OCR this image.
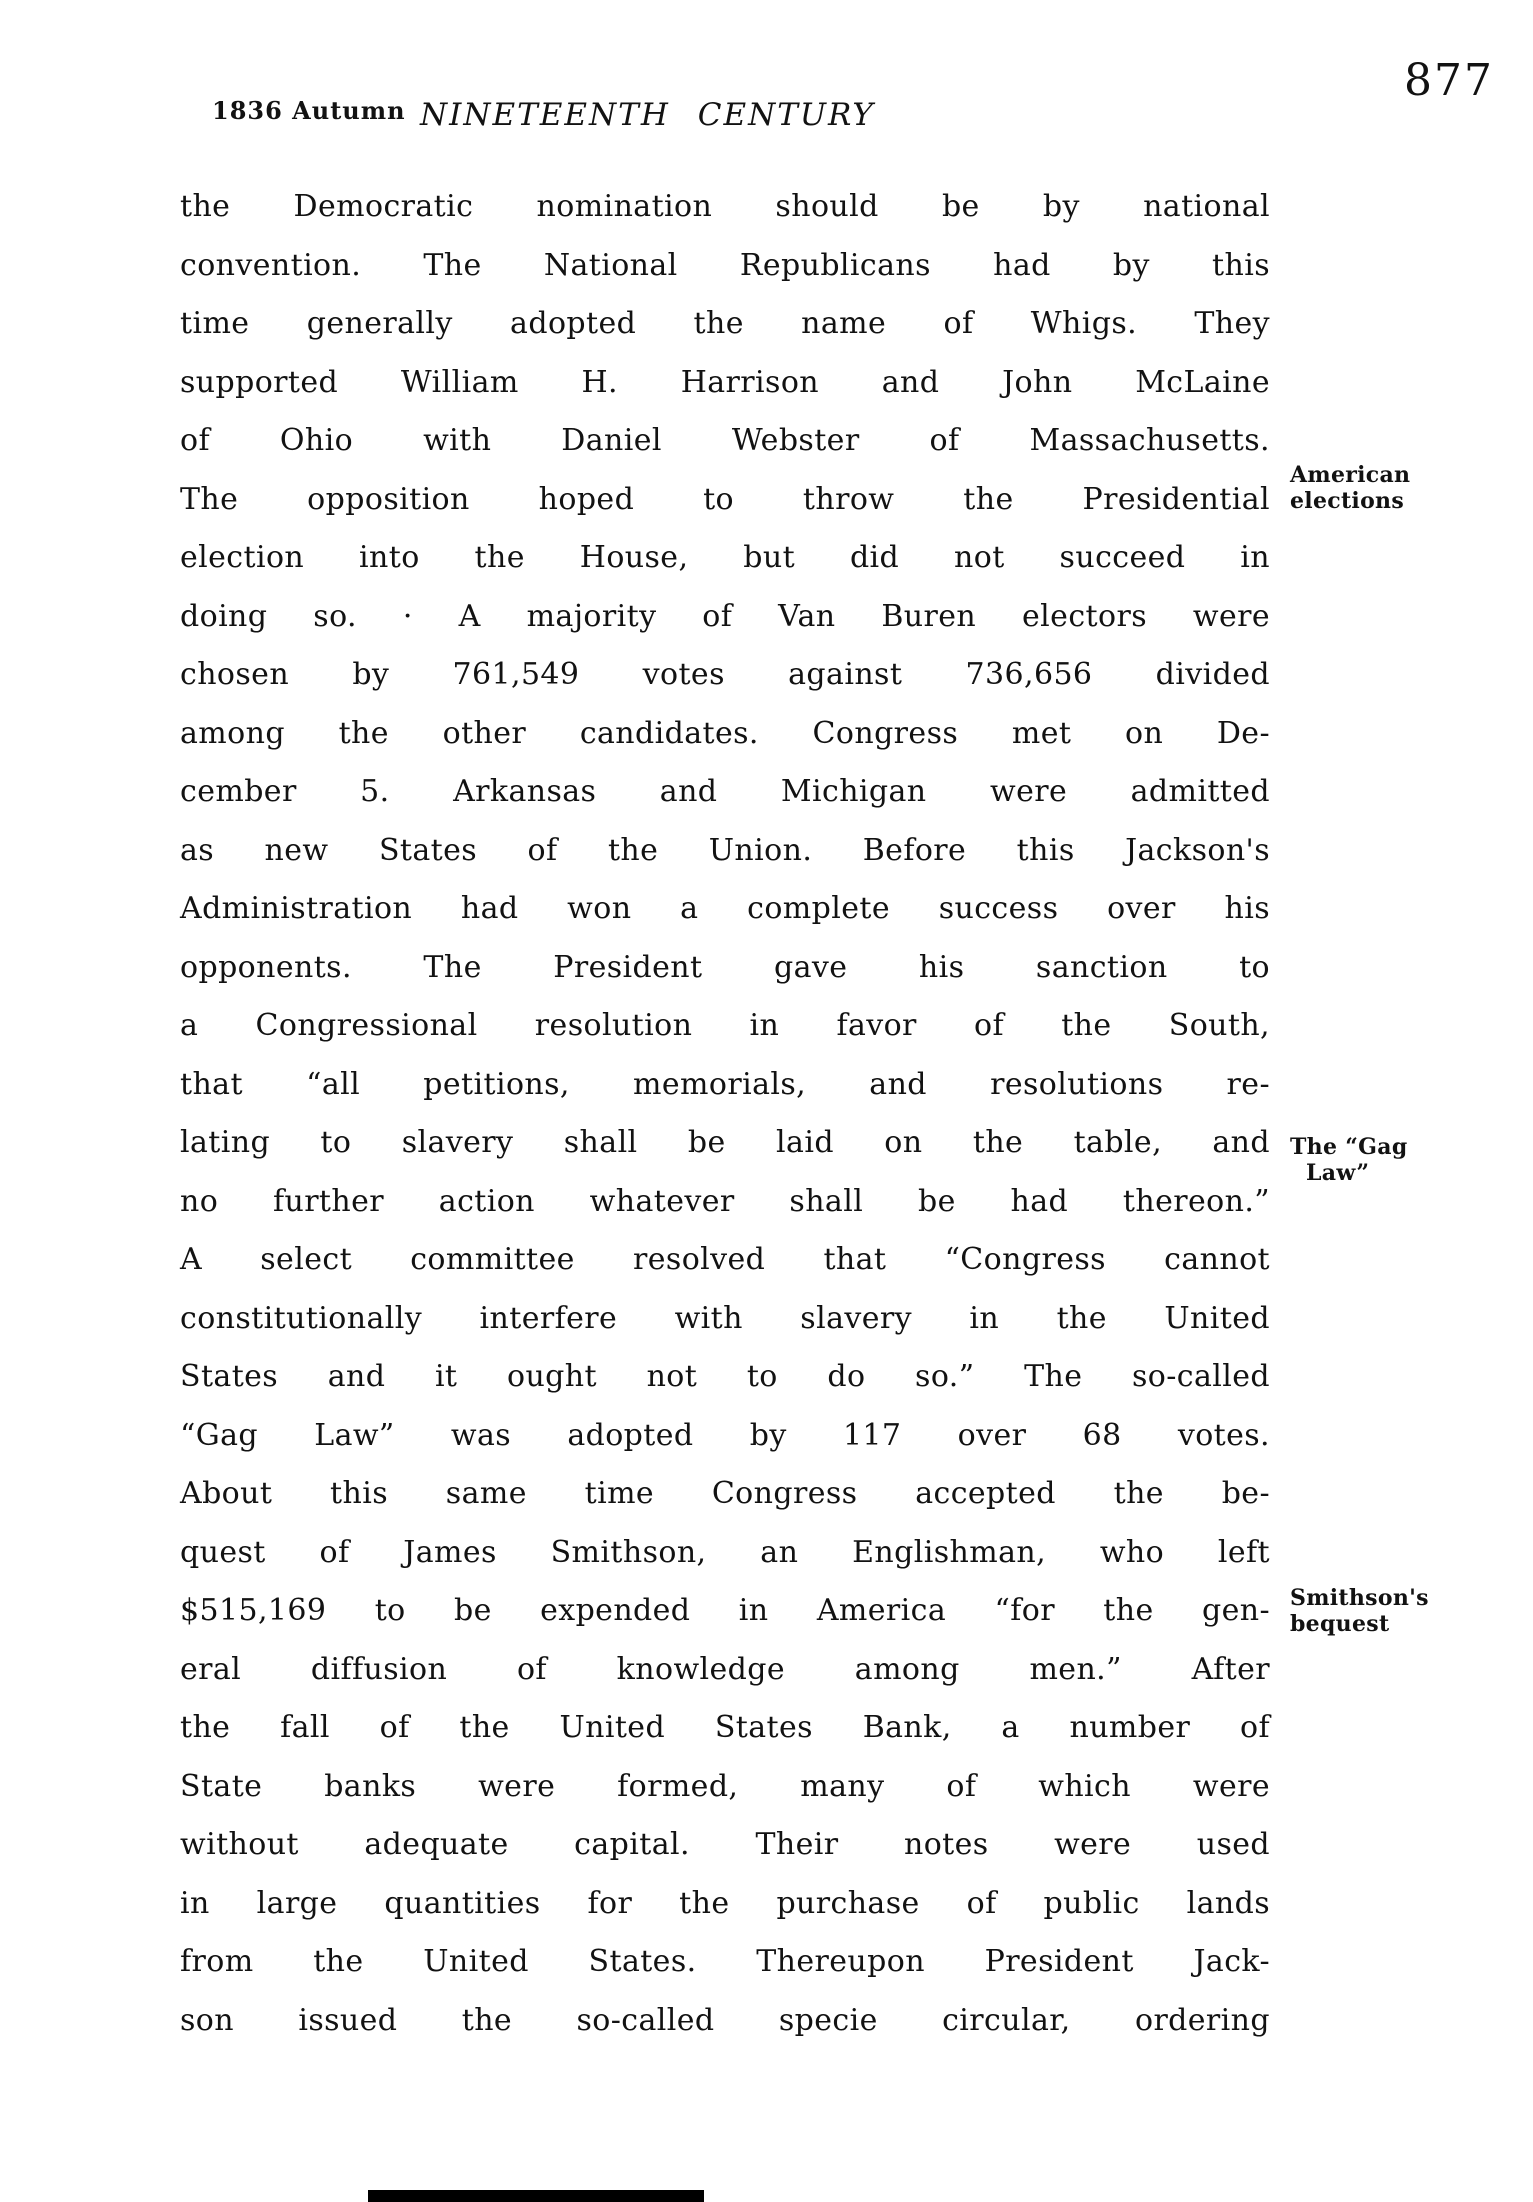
1836 Autumn NINETEENTH CENTURY
877
the Democratic nomination should be by national
convention. The National Republicans had by this
time generally adopted the name of Whigs. They
supported William H. Harrison and John McLaine
of Ohio with Daniel Webster of Massachusetts.
The opposition hoped to throw the Presidential
election into the House, but did not succeed in
doing so. · A majority of Van Buren electors were
chosen by 761,549 votes against 736,656 divided
among the other candidates. Congress met on De-
cember 5. Arkansas and Michigan were admitted
as new States of the Union. Before this Jackson's
Administration had won a complete success over his
opponents. The President gave his sanction to
a Congressional resolution in favor of the South,
that “all petitions, memorials, and resolutions re-
lating to slavery shall be laid on the table, and
no further action whatever shall be had thereon.”
A select committee resolved that “Congress cannot
constitutionally interfere with slavery in the United
States and it ought not to do so.” The so-called
“Gag Law” was adopted by 117 over 68 votes.
About this same time Congress accepted the be-
quest of James Smithson, an Englishman, who left
$515,169 to be expended in America “for the gen-
eral diffusion of knowledge among men.” After
the fall of the United States Bank, a number of
State banks were formed, many of which were
without adequate capital. Their notes were used
in large quantities for the purchase of public lands
from the United States. Thereupon President Jack-
son issued the so-called specie circular, ordering
American
elections
The “Gag
Law”
Smithson's
bequest
